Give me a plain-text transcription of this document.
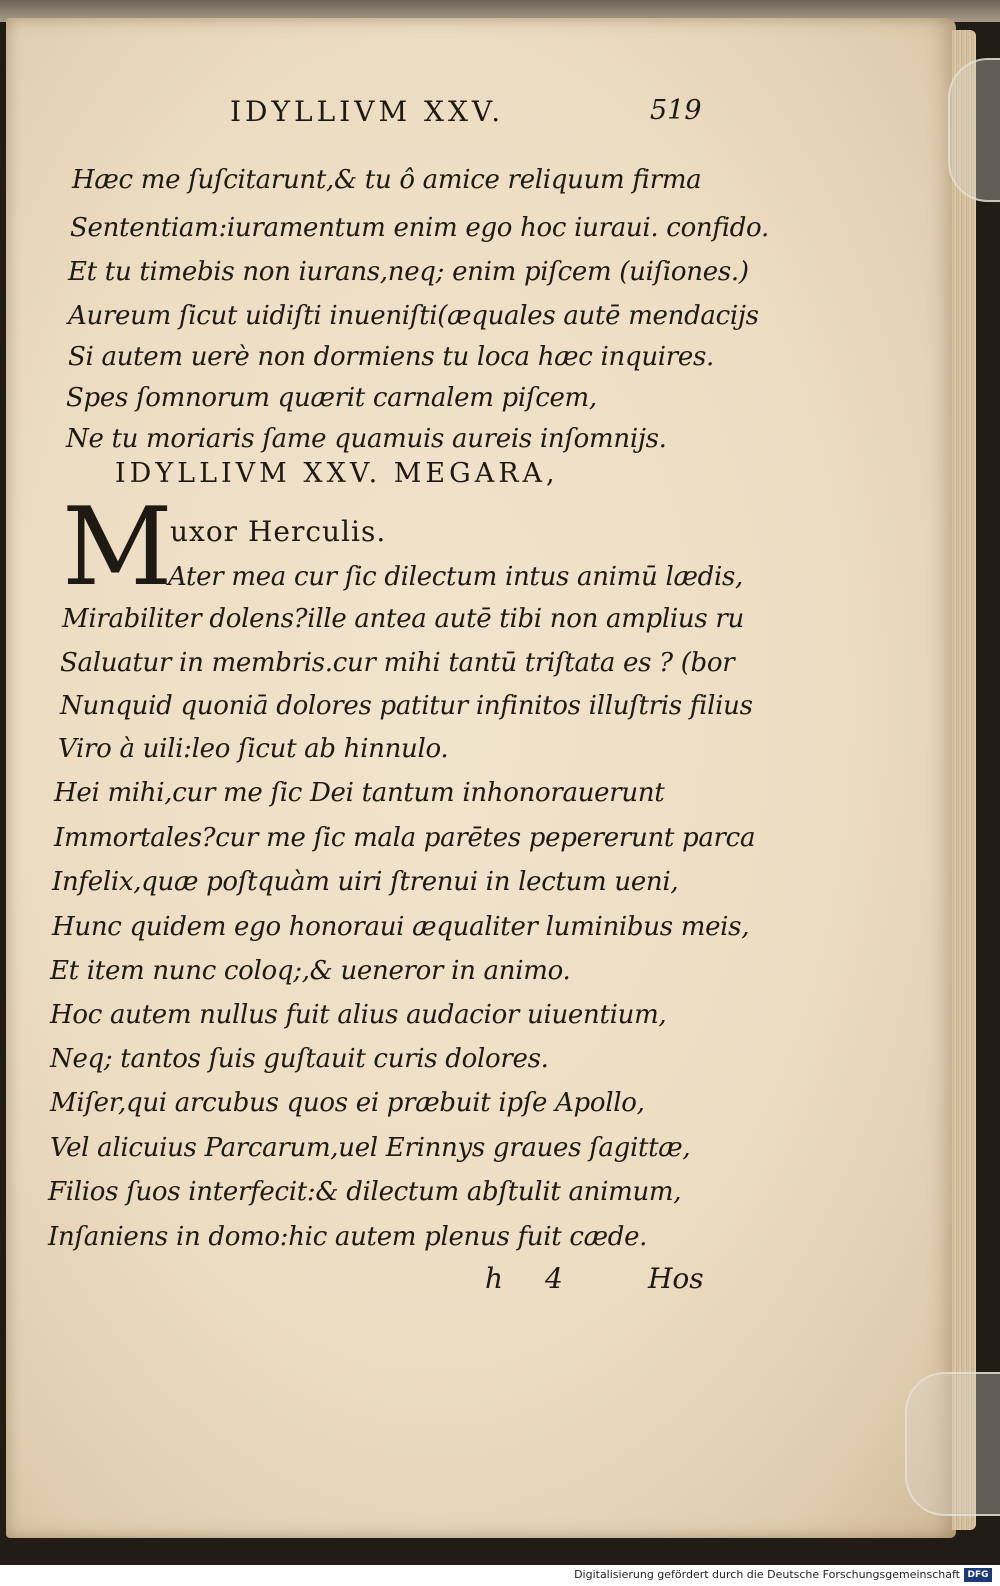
IDYLLIVM XXV.	519
Hæc me ſuſcitarunt,& tu ô amice reliquum firma
Sententiam:iuramentum enim ego hoc iuraui. confido.
Et tu timebis non iurans,neq; enim piſcem (uiſiones.)
Aureum ſicut uidiſti inueniſti(æquales autē mendacijs
Si autem uerè non dormiens tu loca hæc inquires.
Spes ſomnorum quærit carnalem piſcem,
Ne tu moriaris ſame quamuis aureis inſomnijs.
IDYLLIVM XXV. MEGARA,
M
uxor Herculis.
Ater mea cur ſic dilectum intus animū lædis,
Mirabiliter dolens?ille antea autē tibi non amplius ru
Saluatur in membris.cur mihi tantū triſtata es ? (bor
Nunquid quoniā dolores patitur infinitos illuſtris filius
Viro à uili:leo ſicut ab hinnulo.
Hei mihi,cur me ſic Dei tantum inhonorauerunt
Immortales?cur me ſic mala parētes pepererunt parca
Infelix,quæ poſtquàm uiri ſtrenui in lectum ueni,
Hunc quidem ego honoraui æqualiter luminibus meis,
Et item nunc coloq;,& ueneror in animo.
Hoc autem nullus fuit alius audacior uiuentium,
Neq; tantos ſuis guſtauit curis dolores.
Miſer,qui arcubus quos ei præbuit ipſe Apollo,
Vel alicuius Parcarum,uel Erinnys graues ſagittæ,
Filios ſuos interfecit:& dilectum abſtulit animum,
Inſaniens in domo:hic autem plenus fuit cæde.
h 4	Hos
Digitalisierung gefördert durch die Deutsche Forschungsgemeinschaft DFG
